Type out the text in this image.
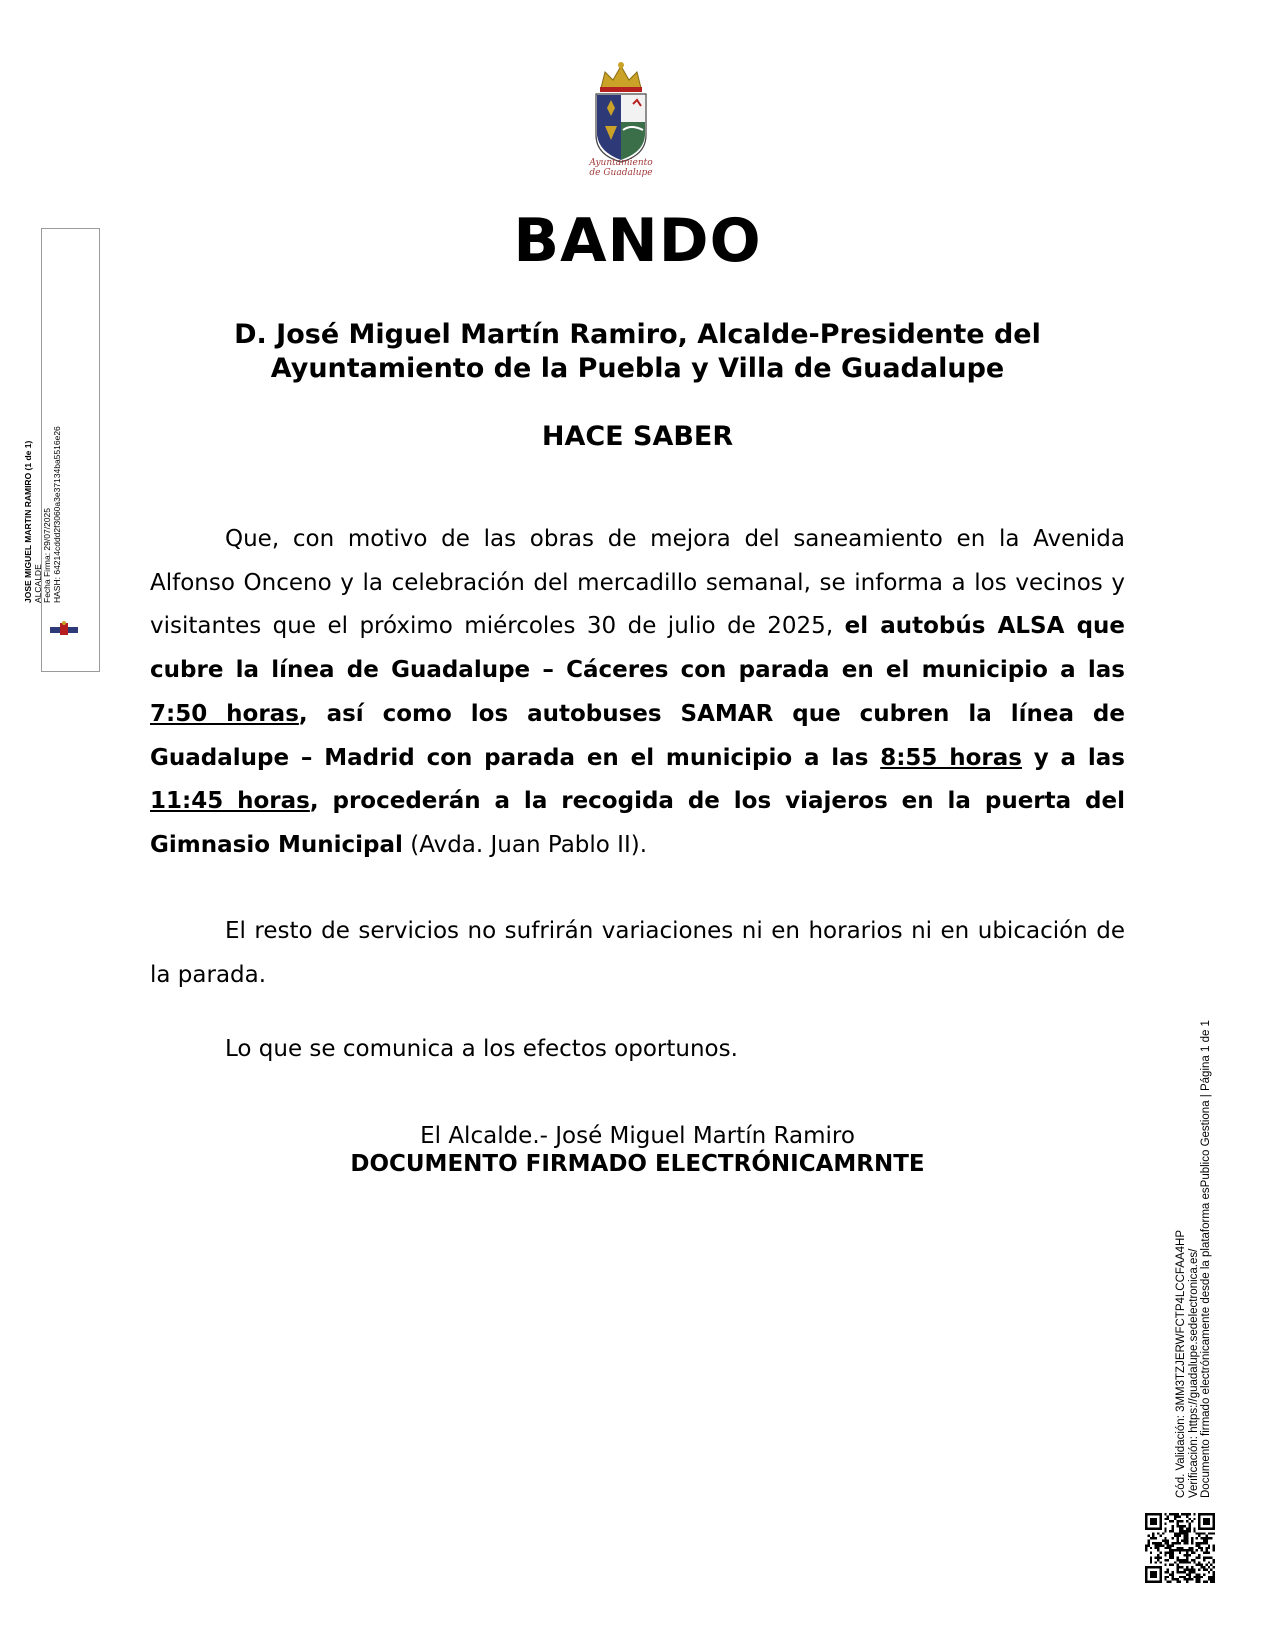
Ayuntamiento
de Guadalupe
BANDO
D. José Miguel Martín Ramiro, Alcalde-Presidente del
Ayuntamiento de la Puebla y Villa de Guadalupe
HACE SABER
Que, con motivo de las obras de mejora del saneamiento en la Avenida Alfonso Onceno y la celebración del mercadillo semanal, se informa a los vecinos y visitantes que el próximo miércoles 30 de julio de 2025, el autobús ALSA que cubre la línea de Guadalupe – Cáceres con parada en el municipio a las 7:50 horas, así como los autobuses SAMAR que cubren la línea de Guadalupe – Madrid con parada en el municipio a las 8:55 horas y a las 11:45 horas, procederán a la recogida de los viajeros en la puerta del Gimnasio Municipal (Avda. Juan Pablo II).
El resto de servicios no sufrirán variaciones ni en horarios ni en ubicación de la parada.
Lo que se comunica a los efectos oportunos.
El Alcalde.- José Miguel Martín Ramiro
DOCUMENTO FIRMADO ELECTRÓNICAMRNTE
JOSE MIGUEL MARTIN RAMIRO (1 de 1) ALCALDE Fecha Firma: 29/07/2025 HASH: 64214cddd2f3060a3e37134ba5516e26
Cód. Validación: 3MM3TZJERWFCTP4LCCFAA4HP Verificación: https://guadalupe.sedelectronica.es/ Documento firmado electrónicamente desde la plataforma esPublico Gestiona | Página 1 de 1
